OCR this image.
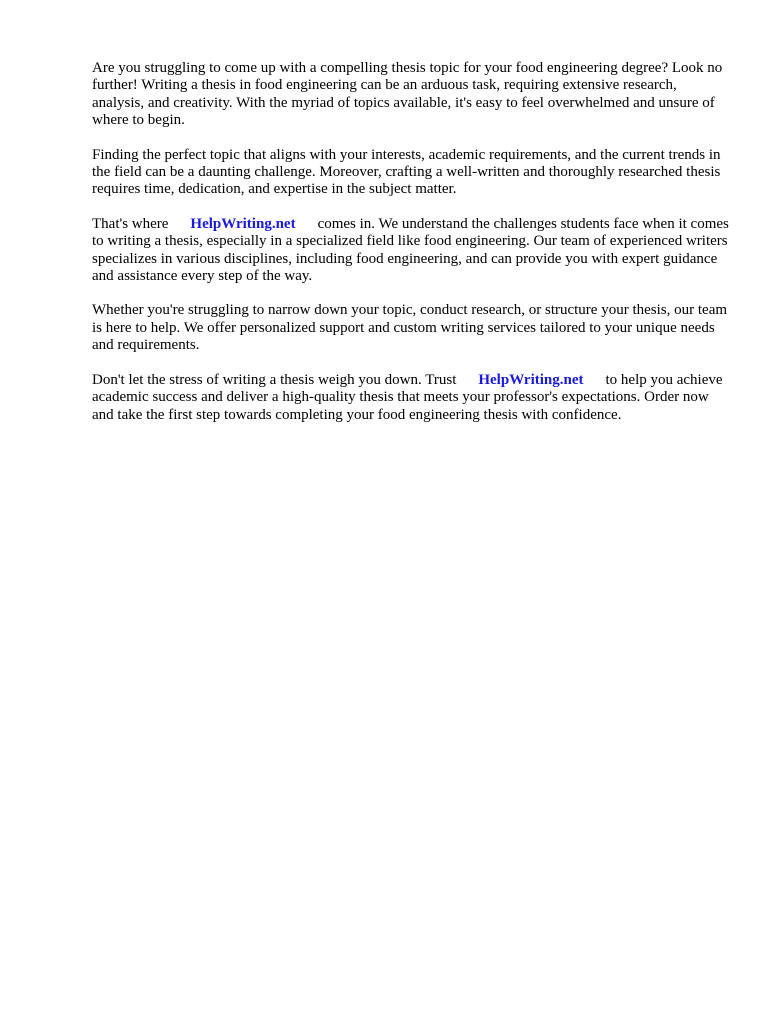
Are you struggling to come up with a compelling thesis topic for your food engineering degree? Look no further! Writing a thesis in food engineering can be an arduous task, requiring extensive research, analysis, and creativity. With the myriad of topics available, it's easy to feel overwhelmed and unsure of where to begin.

Finding the perfect topic that aligns with your interests, academic requirements, and the current trends in the field can be a daunting challenge. Moreover, crafting a well-written and thoroughly researched thesis requires time, dedication, and expertise in the subject matter.

That's where HelpWriting.net comes in. We understand the challenges students face when it comes to writing a thesis, especially in a specialized field like food engineering. Our team of experienced writers specializes in various disciplines, including food engineering, and can provide you with expert guidance and assistance every step of the way.

Whether you're struggling to narrow down your topic, conduct research, or structure your thesis, our team is here to help. We offer personalized support and custom writing services tailored to your unique needs and requirements.

Don't let the stress of writing a thesis weigh you down. Trust HelpWriting.net to help you achieve academic success and deliver a high-quality thesis that meets your professor's expectations. Order now and take the first step towards completing your food engineering thesis with confidence.
